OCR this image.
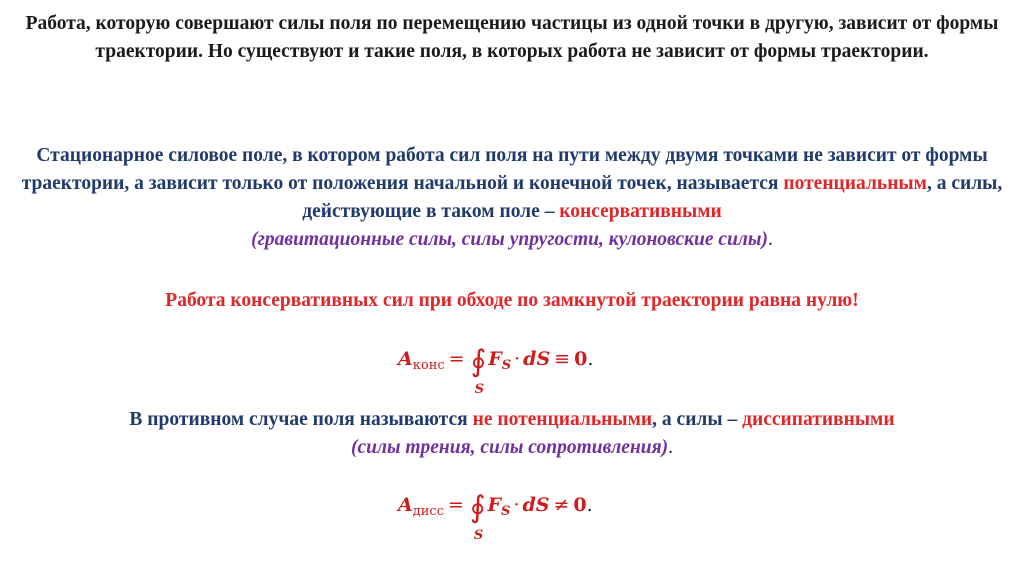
Работа, которую совершают силы поля по перемещению частицы из одной точки в другую, зависит от формы траектории. Но существуют и такие поля, в которых работа не зависит от формы траектории.

Стационарное силовое поле, в котором работа сил поля на пути между двумя точками не зависит от формы траектории, а зависит только от положения начальной и конечной точек, называется потенциальным, а силы, действующие в таком поле – консервативными
(гравитационные силы, силы упругости, кулоновские силы).

Работа консервативных сил при обходе по замкнутой траектории равна нулю!

$A_{конс}$ = ∮
S
$F_S$ · dS ≡ 0.

В противном случае поля называются не потенциальными, а силы – диссипативными
(силы трения, силы сопротивления).

$A_{дисс}$ = ∮
S
$F_S$ · dS ≠ 0.
